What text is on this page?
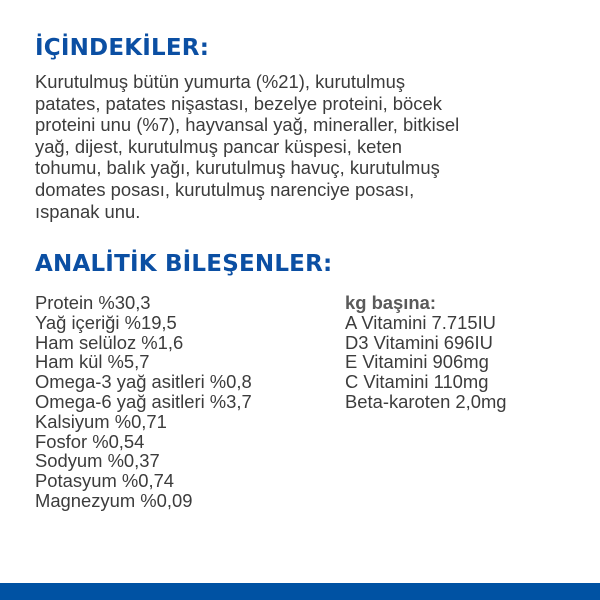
İÇİNDEKİLER:

Kurutulmuş bütün yumurta (%21), kurutulmuş
patates, patates nişastası, bezelye proteini, böcek
proteini unu (%7), hayvansal yağ, mineraller, bitkisel
yağ, dijest, kurutulmuş pancar küspesi, keten
tohumu, balık yağı, kurutulmuş havuç, kurutulmuş
domates posası, kurutulmuş narenciye posası,
ıspanak unu.

ANALİTİK BİLEŞENLER:
Protein %30,3
Yağ içeriği %19,5
Ham selüloz %1,6
Ham kül %5,7
Omega-3 yağ asitleri %0,8
Omega-6 yağ asitleri %3,7
Kalsiyum %0,71
Fosfor %0,54
Sodyum %0,37
Potasyum %0,74
Magnezyum %0,09
kg başına:
A Vitamini 7.715IU
D3 Vitamini 696IU
E Vitamini 906mg
C Vitamini 110mg
Beta-karoten 2,0mg
